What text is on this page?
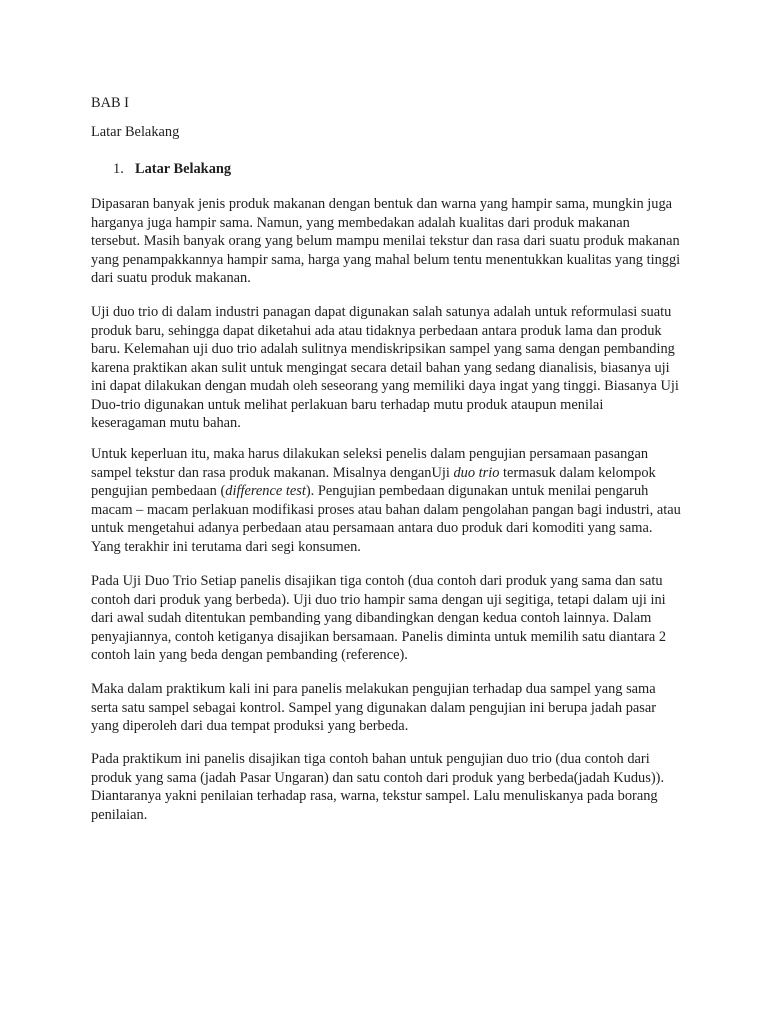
BAB I
Latar Belakang
1. Latar Belakang

Dipasaran banyak jenis produk makanan dengan bentuk dan warna yang hampir sama, mungkin juga harganya juga hampir sama. Namun, yang membedakan adalah kualitas dari produk makanan tersebut. Masih banyak orang yang belum mampu menilai tekstur dan rasa dari suatu produk makanan yang penampakkannya hampir sama, harga yang mahal belum tentu menentukkan kualitas yang tinggi dari suatu produk makanan.

Uji duo trio di dalam industri panagan dapat digunakan salah satunya adalah untuk reformulasi suatu produk baru, sehingga dapat diketahui ada atau tidaknya perbedaan antara produk lama dan produk baru. Kelemahan uji duo trio adalah sulitnya mendiskripsikan sampel yang sama dengan pembanding karena praktikan akan sulit untuk mengingat secara detail bahan yang sedang dianalisis, biasanya uji ini dapat dilakukan dengan mudah oleh seseorang yang memiliki daya ingat yang tinggi. Biasanya Uji Duo-trio digunakan untuk melihat perlakuan baru terhadap mutu produk ataupun menilai keseragaman mutu bahan.

Untuk keperluan itu, maka harus dilakukan seleksi penelis dalam pengujian persamaan pasangan sampel tekstur dan rasa produk makanan. Misalnya denganUji duo trio termasuk dalam kelompok pengujian pembedaan (difference test). Pengujian pembedaan digunakan untuk menilai pengaruh macam – macam perlakuan modifikasi proses atau bahan dalam pengolahan pangan bagi industri, atau untuk mengetahui adanya perbedaan atau persamaan antara duo produk dari komoditi yang sama. Yang terakhir ini terutama dari segi konsumen.

Pada Uji Duo Trio Setiap panelis disajikan tiga contoh (dua contoh dari produk yang sama dan satu contoh dari produk yang berbeda). Uji duo trio hampir sama dengan uji segitiga, tetapi dalam uji ini dari awal sudah ditentukan pembanding yang dibandingkan dengan kedua contoh lainnya. Dalam penyajiannya, contoh ketiganya disajikan bersamaan. Panelis diminta untuk memilih satu diantara 2 contoh lain yang beda dengan pembanding (reference).

Maka dalam praktikum kali ini para panelis melakukan pengujian terhadap dua sampel yang sama serta satu sampel sebagai kontrol. Sampel yang digunakan dalam pengujian ini berupa jadah pasar yang diperoleh dari dua tempat produksi yang berbeda.

Pada praktikum ini panelis disajikan tiga contoh bahan untuk pengujian duo trio (dua contoh dari produk yang sama (jadah Pasar Ungaran) dan satu contoh dari produk yang berbeda(jadah Kudus)). Diantaranya yakni penilaian terhadap rasa, warna, tekstur sampel. Lalu menuliskanya pada borang penilaian.
